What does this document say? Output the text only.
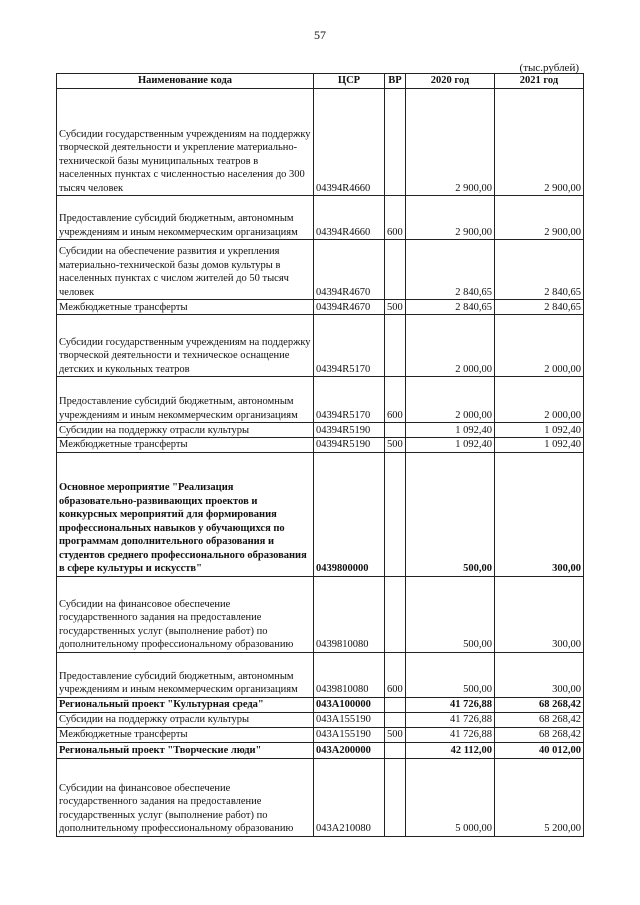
57
(тыс.рублей)
Наименование кода	ЦСР	ВР	2020 год	2021 год
Субсидии государственным учреждениям на поддержку творческой деятельности и укрепление материально-технической базы муниципальных театров в населенных пунктах с численностью населения до 300 тысяч человек	04394R4660		2 900,00	2 900,00
Предоставление субсидий бюджетным, автономным учреждениям и иным некоммерческим организациям	04394R4660	600	2 900,00	2 900,00
Субсидии на обеспечение развития и укрепления материально-технической базы домов культуры в населенных пунктах с числом жителей до 50 тысяч человек	04394R4670		2 840,65	2 840,65
Межбюджетные трансферты	04394R4670	500	2 840,65	2 840,65
Субсидии государственным учреждениям на поддержку творческой деятельности и техническое оснащение детских и кукольных театров	04394R5170		2 000,00	2 000,00
Предоставление субсидий бюджетным, автономным учреждениям и иным некоммерческим организациям	04394R5170	600	2 000,00	2 000,00
Субсидии на поддержку отрасли культуры	04394R5190		1 092,40	1 092,40
Межбюджетные трансферты	04394R5190	500	1 092,40	1 092,40
Основное мероприятие "Реализация образовательно-развивающих проектов и конкурсных мероприятий для формирования профессиональных навыков у обучающихся по программам дополнительного образования и студентов среднего профессионального образования в сфере культуры и искусств"	0439800000		500,00	300,00
Субсидии на финансовое обеспечение государственного задания на предоставление государственных услуг (выполнение работ) по дополнительному профессиональному образованию	0439810080		500,00	300,00
Предоставление субсидий бюджетным, автономным учреждениям и иным некоммерческим организациям	0439810080	600	500,00	300,00
Региональный проект "Культурная среда"	043A100000		41 726,88	68 268,42
Субсидии на поддержку отрасли культуры	043A155190		41 726,88	68 268,42
Межбюджетные трансферты	043A155190	500	41 726,88	68 268,42
Региональный проект "Творческие люди"	043A200000		42 112,00	40 012,00
Субсидии на финансовое обеспечение государственного задания на предоставление государственных услуг (выполнение работ) по дополнительному профессиональному образованию	043A210080		5 000,00	5 200,00
